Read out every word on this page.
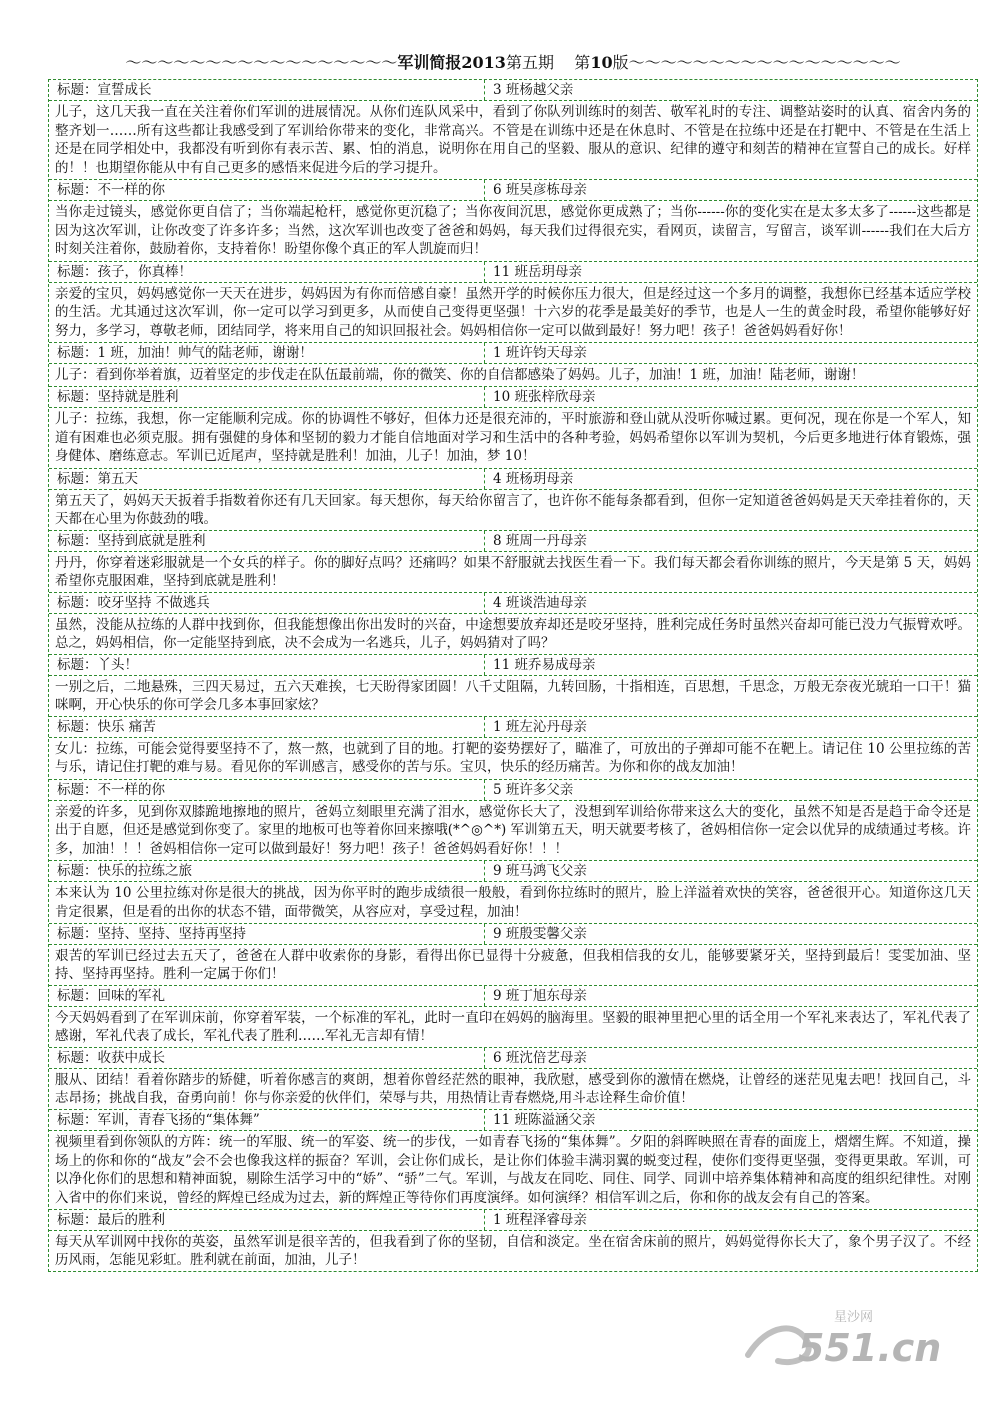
～～～～～～～～～～～～～～～～～军训简报2013第五期 第10版～～～～～～～～～～～～～～～～～
标题：宣誓成长	3 班杨越父亲
儿子，这几天我一直在关注着你们军训的进展情况。从你们连队风采中，看到了你队列训练时的刻苦、敬军礼时的专注、调整站姿时的认真、宿舍内务的整齐划一……所有这些都让我感受到了军训给你带来的变化，非常高兴。不管是在训练中还是在休息时、不管是在拉练中还是在打靶中、不管是在生活上还是在同学相处中，我都没有听到你有表示苦、累、怕的消息，说明你在用自己的坚毅、服从的意识、纪律的遵守和刻苦的精神在宣誓自己的成长。好样的！！也期望你能从中有自己更多的感悟来促进今后的学习提升。
标题：不一样的你	6 班吴彦栋母亲
当你走过镜头，感觉你更自信了；当你端起枪杆，感觉你更沉稳了；当你夜间沉思，感觉你更成熟了；当你------你的变化实在是太多太多了------这些都是因为这次军训，让你改变了许多许多；当然，这次军训也改变了爸爸和妈妈，每天我们过得很充实，看网页，读留言，写留言，谈军训------我们在大后方时刻关注着你，鼓励着你，支持着你！盼望你像个真正的军人凯旋而归！
标题：孩子，你真棒！	11 班岳玥母亲
亲爱的宝贝，妈妈感觉你一天天在进步，妈妈因为有你而倍感自豪！虽然开学的时候你压力很大，但是经过这一个多月的调整，我想你已经基本适应学校的生活。尤其通过这次军训，你一定可以学习到更多，从而使自己变得更坚强！十六岁的花季是最美好的季节，也是人一生的黄金时段，希望你能够好好努力，多学习，尊敬老师，团结同学，将来用自己的知识回报社会。妈妈相信你一定可以做到最好！努力吧！孩子！爸爸妈妈看好你！
标题：1 班，加油！帅气的陆老师，谢谢！	1 班许钧天母亲
儿子：看到你举着旗，迈着坚定的步伐走在队伍最前端，你的微笑、你的自信都感染了妈妈。儿子，加油！1 班，加油！陆老师，谢谢！
标题：坚持就是胜利	10 班张梓欣母亲
儿子：拉练，我想，你一定能顺利完成。你的协调性不够好，但体力还是很充沛的，平时旅游和登山就从没听你喊过累。更何况，现在你是一个军人，知道有困难也必须克服。拥有强健的身体和坚韧的毅力才能自信地面对学习和生活中的各种考验，妈妈希望你以军训为契机，今后更多地进行体育锻炼，强身健体、磨练意志。军训已近尾声，坚持就是胜利！加油，儿子！加油，梦 10！
标题：第五天	4 班杨玥母亲
第五天了，妈妈天天扳着手指数着你还有几天回家。每天想你，每天给你留言了，也许你不能每条都看到，但你一定知道爸爸妈妈是天天牵挂着你的，天天都在心里为你鼓劲的哦。
标题：坚持到底就是胜利	8 班周一丹母亲
丹丹，你穿着迷彩服就是一个女兵的样子。你的脚好点吗？还痛吗？如果不舒服就去找医生看一下。我们每天都会看你训练的照片，今天是第 5 天，妈妈希望你克服困难，坚持到底就是胜利！
标题：咬牙坚持 不做逃兵	4 班谈浩迪母亲
虽然，没能从拉练的人群中找到你，但我能想像出你出发时的兴奋，中途想要放弃却还是咬牙坚持，胜利完成任务时虽然兴奋却可能已没力气振臂欢呼。总之，妈妈相信，你一定能坚持到底，决不会成为一名逃兵，儿子，妈妈猜对了吗？
标题：丫头！	11 班乔易成母亲
一别之后，二地悬殊，三四天易过，五六天难挨，七天盼得家团圆！八千丈阻隔，九转回肠，十指相连，百思想，千思念，万般无奈夜光琥珀一口干！猫咪啊，开心快乐的你可学会几多本事回家炫？
标题：快乐 痛苦	1 班左沁丹母亲
女儿：拉练，可能会觉得要坚持不了，熬一熬，也就到了目的地。打靶的姿势摆好了，瞄准了，可放出的子弹却可能不在靶上。请记住 10 公里拉练的苦与乐，请记住打靶的难与易。看见你的军训感言，感受你的苦与乐。宝贝，快乐的经历痛苦。为你和你的战友加油！
标题：不一样的你	5 班许多父亲
亲爱的许多，见到你双膝跪地擦地的照片，爸妈立刻眼里充满了泪水，感觉你长大了，没想到军训给你带来这么大的变化，虽然不知是否是趋于命令还是出于自愿，但还是感觉到你变了。家里的地板可也等着你回来擦哦(*^◎^*) 军训第五天，明天就要考核了，爸妈相信你一定会以优异的成绩通过考核。许多，加油！！！爸妈相信你一定可以做到最好！努力吧！孩子！爸爸妈妈看好你！！！
标题：快乐的拉练之旅	9 班马鸿飞父亲
本来认为 10 公里拉练对你是很大的挑战，因为你平时的跑步成绩很一般般，看到你拉练时的照片，脸上洋溢着欢快的笑容，爸爸很开心。知道你这几天肯定很累，但是看的出你的状态不错，面带微笑，从容应对，享受过程，加油！
标题：坚持、坚持、坚持再坚持	9 班殷雯馨父亲
艰苦的军训已经过去五天了，爸爸在人群中收索你的身影，看得出你已显得十分疲惫，但我相信我的女儿，能够要紧牙关，坚持到最后！雯雯加油、坚持、坚持再坚持。胜利一定属于你们！
标题：回味的军礼	9 班丁旭东母亲
今天妈妈看到了在军训床前，你穿着军装，一个标准的军礼，此时一直印在妈妈的脑海里。坚毅的眼神里把心里的话全用一个军礼来表达了，军礼代表了感谢，军礼代表了成长，军礼代表了胜利……军礼无言却有情！
标题：收获中成长	6 班沈倍艺母亲
服从、团结！看着你踏步的矫健，听着你感言的爽朗，想着你曾经茫然的眼神，我欣慰，感受到你的激情在燃烧，让曾经的迷茫见鬼去吧！找回自己，斗志昂扬；挑战自我，奋勇向前！你与你亲爱的伙伴们，荣辱与共，用热情让青春燃烧,用斗志诠释生命价值！
标题：军训，青春飞扬的“集体舞”	11 班陈溢涵父亲
视频里看到你领队的方阵：统一的军服、统一的军姿、统一的步伐，一如青春飞扬的“集体舞”。夕阳的斜晖映照在青春的面庞上，熠熠生辉。不知道，操场上的你和你的“战友”会不会也像我这样的振奋？军训，会让你们成长，是让你们体验丰满羽翼的蜕变过程，使你们变得更坚强，变得更果敢。军训，可以净化你们的思想和精神面貌，剔除生活学习中的“娇”、“骄”二气。军训，与战友在同吃、同住、同学、同训中培养集体精神和高度的组织纪律性。对刚入省中的你们来说，曾经的辉煌已经成为过去，新的辉煌正等待你们再度演绎。如何演绎？相信军训之后，你和你的战友会有自己的答案。
标题：最后的胜利	1 班程泽睿母亲
每天从军训网中找你的英姿，虽然军训是很辛苦的，但我看到了你的坚韧，自信和淡定。坐在宿舍床前的照片，妈妈觉得你长大了，象个男子汉了。不经历风雨，怎能见彩虹。胜利就在前面，加油，儿子！
星沙网
551.cn
